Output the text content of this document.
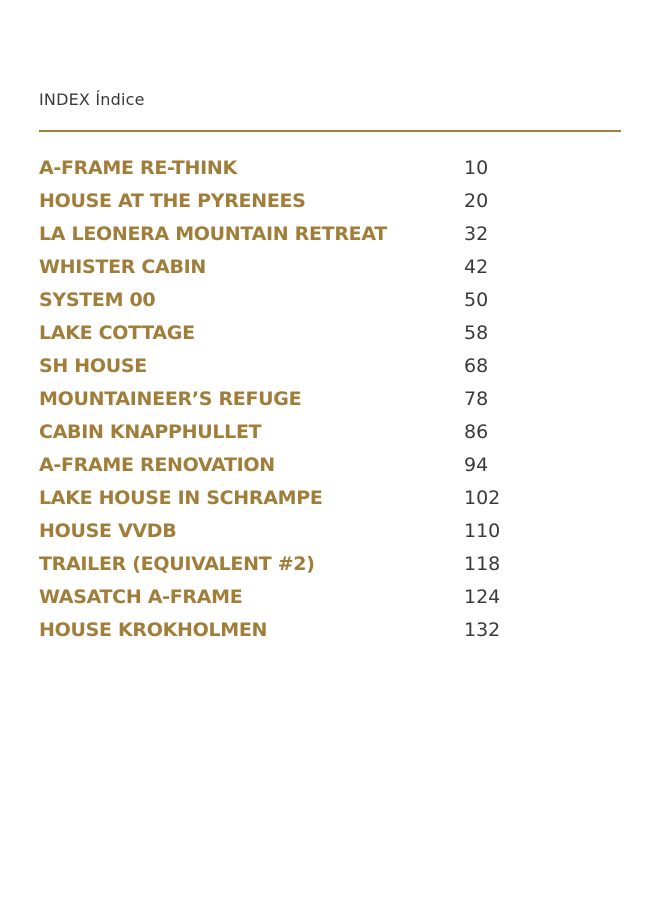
INDEX Índice
A-FRAME RE-THINK	10
HOUSE AT THE PYRENEES	20
LA LEONERA MOUNTAIN RETREAT	32
WHISTER CABIN	42
SYSTEM 00	50
LAKE COTTAGE	58
SH HOUSE	68
MOUNTAINEER’S REFUGE	78
CABIN KNAPPHULLET	86
A-FRAME RENOVATION	94
LAKE HOUSE IN SCHRAMPE	102
HOUSE VVDB	110
TRAILER (EQUIVALENT #2)	118
WASATCH A-FRAME	124
HOUSE KROKHOLMEN	132
